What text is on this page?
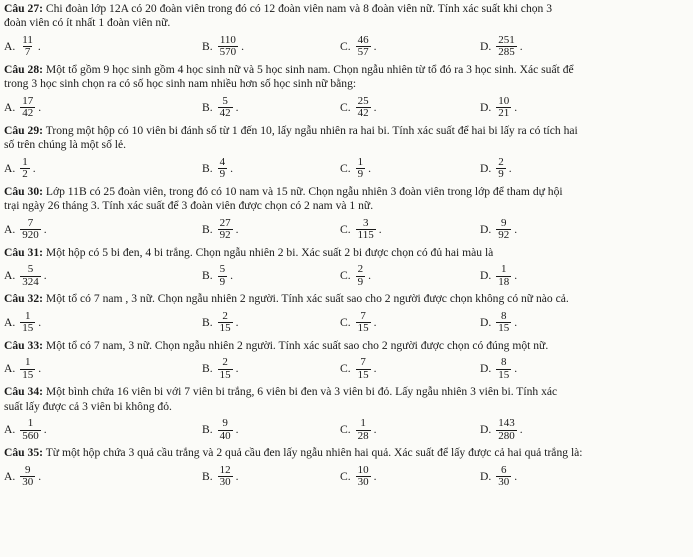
Câu 27: Chi đoàn lớp 12A có 20 đoàn viên trong đó có 12 đoàn viên nam và 8 đoàn viên nữ. Tính xác suất khi chọn 3
đoàn viên có ít nhất 1 đoàn viên nữ.
A. $\frac{11}{7}$ .	B. $\frac{110}{570}$ .	C. $\frac{46}{57}$ .	D. $\frac{251}{285}$ .
Câu 28: Một tổ gồm 9 học sinh gồm 4 học sinh nữ và 5 học sinh nam. Chọn ngẫu nhiên từ tổ đó ra 3 học sinh. Xác suất để
trong 3 học sinh chọn ra có số học sinh nam nhiều hơn số học sinh nữ bằng:
A. $\frac{17}{42}$ .	B. $\frac{5}{42}$ .	C. $\frac{25}{42}$ .	D. $\frac{10}{21}$ .
Câu 29: Trong một hộp có 10 viên bi đánh số từ 1 đến 10, lấy ngẫu nhiên ra hai bi. Tính xác suất để hai bi lấy ra có tích hai
số trên chúng là một số lẻ.
A. $\frac{1}{2}$ .	B. $\frac{4}{9}$ .	C. $\frac{1}{9}$ .	D. $\frac{2}{9}$ .
Câu 30: Lớp 11B có 25 đoàn viên, trong đó có 10 nam và 15 nữ. Chọn ngẫu nhiên 3 đoàn viên trong lớp để tham dự hội
trại ngày 26 tháng 3. Tính xác suất để 3 đoàn viên được chọn có 2 nam và 1 nữ.
A. $\frac{7}{920}$ .	B. $\frac{27}{92}$ .	C. $\frac{3}{115}$ .	D. $\frac{9}{92}$ .
Câu 31: Một hộp có 5 bi đen, 4 bi trắng. Chọn ngẫu nhiên 2 bi. Xác suất 2 bi được chọn có đủ hai màu là
A. $\frac{5}{324}$ .	B. $\frac{5}{9}$ .	C. $\frac{2}{9}$ .	D. $\frac{1}{18}$ .
Câu 32: Một tổ có 7 nam , 3 nữ. Chọn ngẫu nhiên 2 người. Tính xác suất sao cho 2 người được chọn không có nữ nào cả.
A. $\frac{1}{15}$ .	B. $\frac{2}{15}$ .	C. $\frac{7}{15}$ .	D. $\frac{8}{15}$ .
Câu 33: Một tổ có 7 nam, 3 nữ. Chọn ngẫu nhiên 2 người. Tính xác suất sao cho 2 người được chọn có đúng một nữ.
A. $\frac{1}{15}$ .	B. $\frac{2}{15}$ .	C. $\frac{7}{15}$ .	D. $\frac{8}{15}$ .
Câu 34: Một bình chứa 16 viên bi với 7 viên bi trắng, 6 viên bi đen và 3 viên bi đỏ. Lấy ngẫu nhiên 3 viên bi. Tính xác
suất lấy được cả 3 viên bi không đỏ.
A. $\frac{1}{560}$ .	B. $\frac{9}{40}$ .	C. $\frac{1}{28}$ .	D. $\frac{143}{280}$ .
Câu 35: Từ một hộp chứa 3 quả cầu trắng và 2 quả cầu đen lấy ngẫu nhiên hai quả. Xác suất để lấy được cả hai quả trắng là:
A. $\frac{9}{30}$ .	B. $\frac{12}{30}$ .	C. $\frac{10}{30}$ .	D. $\frac{6}{30}$ .
